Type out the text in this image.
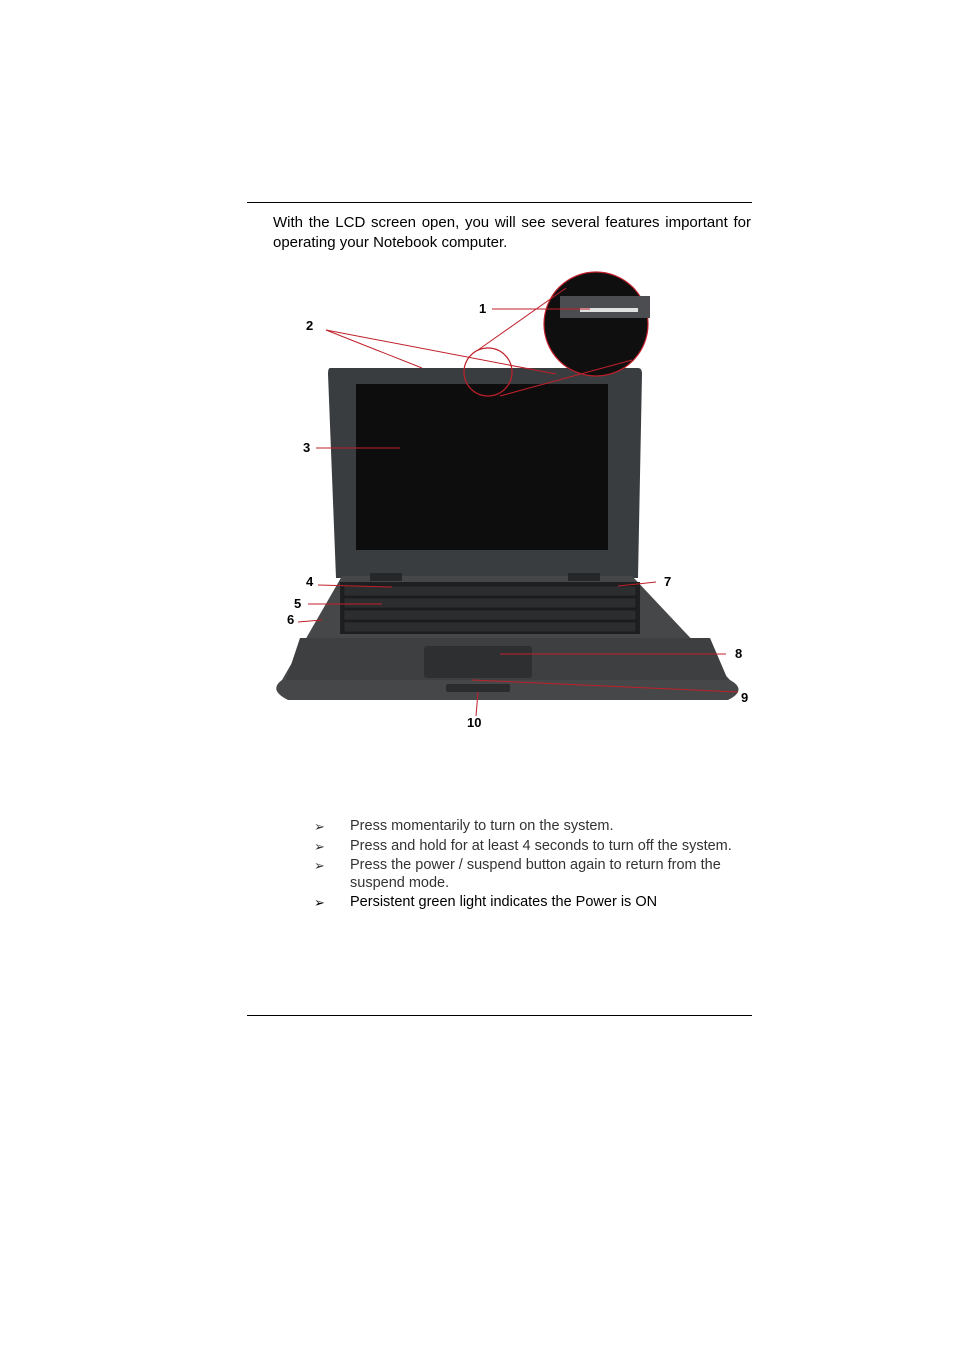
With the LCD screen open, you will see several features important for operating your Notebook computer.
1
2
3
4
5
6
7
8
9
10
➢ Press momentarily to turn on the system.
➢ Press and hold for at least 4 seconds to turn off the system.
➢ Press the power / suspend button again to return from the suspend mode.
➢ Persistent green light indicates the Power is ON
